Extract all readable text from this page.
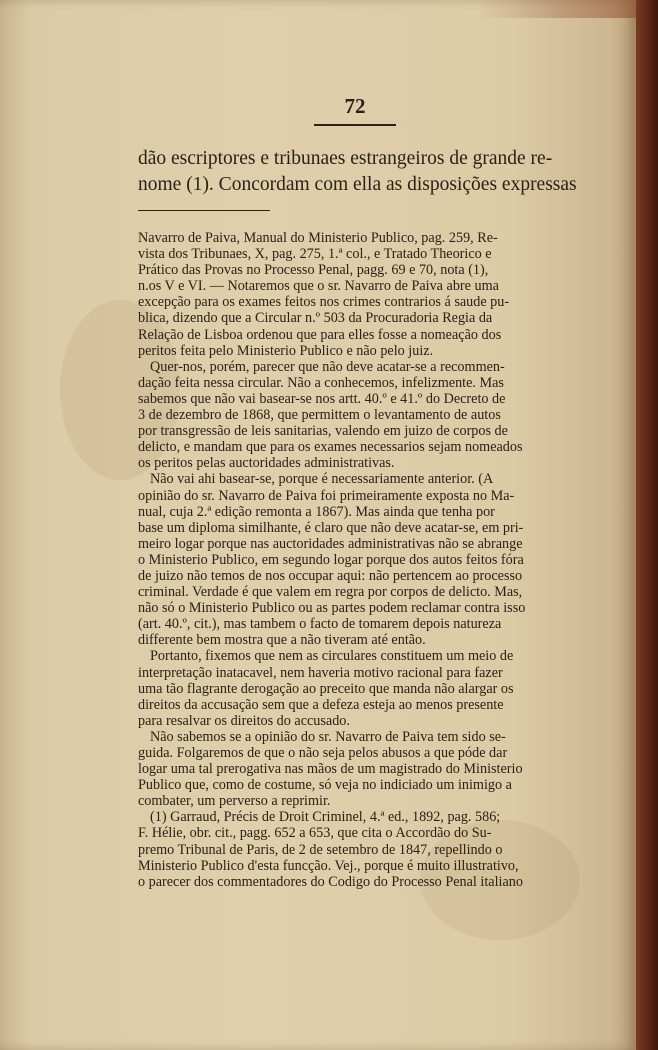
72
dão escriptores e tribunaes estrangeiros de grande re-
nome (1). Concordam com ella as disposições expressas
Navarro de Paiva, Manual do Ministerio Publico, pag. 259, Re-
vista dos Tribunaes, X, pag. 275, 1.ª col., e Tratado Theorico e
Prático das Provas no Processo Penal, pagg. 69 e 70, nota (1),
n.os V e VI. — Notaremos que o sr. Navarro de Paiva abre uma
excepção para os exames feitos nos crimes contrarios á saude pu-
blica, dizendo que a Circular n.º 503 da Procuradoria Regia da
Relação de Lisboa ordenou que para elles fosse a nomeação dos
peritos feita pelo Ministerio Publico e não pelo juiz.
Quer-nos, porém, parecer que não deve acatar-se a recommen-
dação feita nessa circular. Não a conhecemos, infelizmente. Mas
sabemos que não vai basear-se nos artt. 40.º e 41.º do Decreto de
3 de dezembro de 1868, que permittem o levantamento de autos
por transgressão de leis sanitarias, valendo em juizo de corpos de
delicto, e mandam que para os exames necessarios sejam nomeados
os peritos pelas auctoridades administrativas.
Não vai ahi basear-se, porque é necessariamente anterior. (A
opinião do sr. Navarro de Paiva foi primeiramente exposta no Ma-
nual, cuja 2.ª edição remonta a 1867). Mas ainda que tenha por
base um diploma similhante, é claro que não deve acatar-se, em pri-
meiro logar porque nas auctoridades administrativas não se abrange
o Ministerio Publico, em segundo logar porque dos autos feitos fóra
de juizo não temos de nos occupar aqui: não pertencem ao processo
criminal. Verdade é que valem em regra por corpos de delicto. Mas,
não só o Ministerio Publico ou as partes podem reclamar contra isso
(art. 40.º, cit.), mas tambem o facto de tomarem depois natureza
differente bem mostra que a não tiveram até então.
Portanto, fixemos que nem as circulares constituem um meio de
interpretação inatacavel, nem haveria motivo racional para fazer
uma tão flagrante derogação ao preceito que manda não alargar os
direitos da accusação sem que a defeza esteja ao menos presente
para resalvar os direitos do accusado.
Não sabemos se a opinião do sr. Navarro de Paiva tem sido se-
guida. Folgaremos de que o não seja pelos abusos a que póde dar
logar uma tal prerogativa nas mãos de um magistrado do Ministerio
Publico que, como de costume, só veja no indiciado um inimigo a
combater, um perverso a reprimir.
(1) Garraud, Précis de Droit Criminel, 4.ª ed., 1892, pag. 586;
F. Hélie, obr. cit., pagg. 652 a 653, que cita o Accordão do Su-
premo Tribunal de Paris, de 2 de setembro de 1847, repellindo o
Ministerio Publico d'esta funcção. Vej., porque é muito illustrativo,
o parecer dos commentadores do Codigo do Processo Penal italiano
